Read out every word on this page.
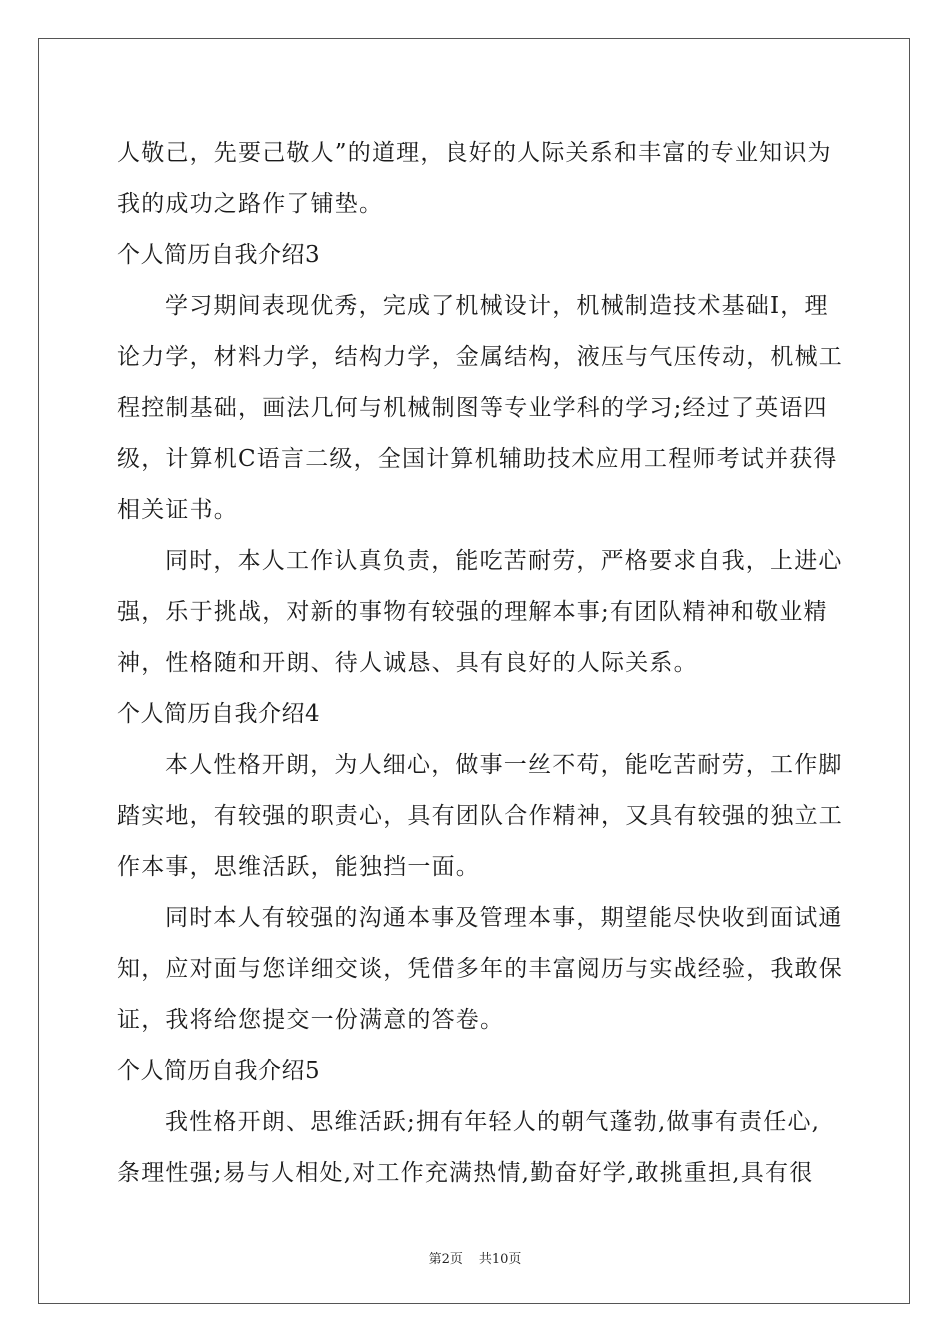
人敬己，先要己敬人”的道理，良好的人际关系和丰富的专业知识为
我的成功之路作了铺垫。
个人简历自我介绍3
学习期间表现优秀，完成了机械设计，机械制造技术基础Ⅰ，理
论力学，材料力学，结构力学，金属结构，液压与气压传动，机械工
程控制基础，画法几何与机械制图等专业学科的学习;经过了英语四
级，计算机C语言二级，全国计算机辅助技术应用工程师考试并获得
相关证书。
同时，本人工作认真负责，能吃苦耐劳，严格要求自我，上进心
强，乐于挑战，对新的事物有较强的理解本事;有团队精神和敬业精
神，性格随和开朗、待人诚恳、具有良好的人际关系。
个人简历自我介绍4
本人性格开朗，为人细心，做事一丝不苟，能吃苦耐劳，工作脚
踏实地，有较强的职责心，具有团队合作精神，又具有较强的独立工
作本事，思维活跃，能独挡一面。
同时本人有较强的沟通本事及管理本事，期望能尽快收到面试通
知，应对面与您详细交谈，凭借多年的丰富阅历与实战经验，我敢保
证，我将给您提交一份满意的答卷。
个人简历自我介绍5
我性格开朗、思维活跃;拥有年轻人的朝气蓬勃,做事有责任心,
条理性强;易与人相处,对工作充满热情,勤奋好学,敢挑重担,具有很
第2页 共10页
